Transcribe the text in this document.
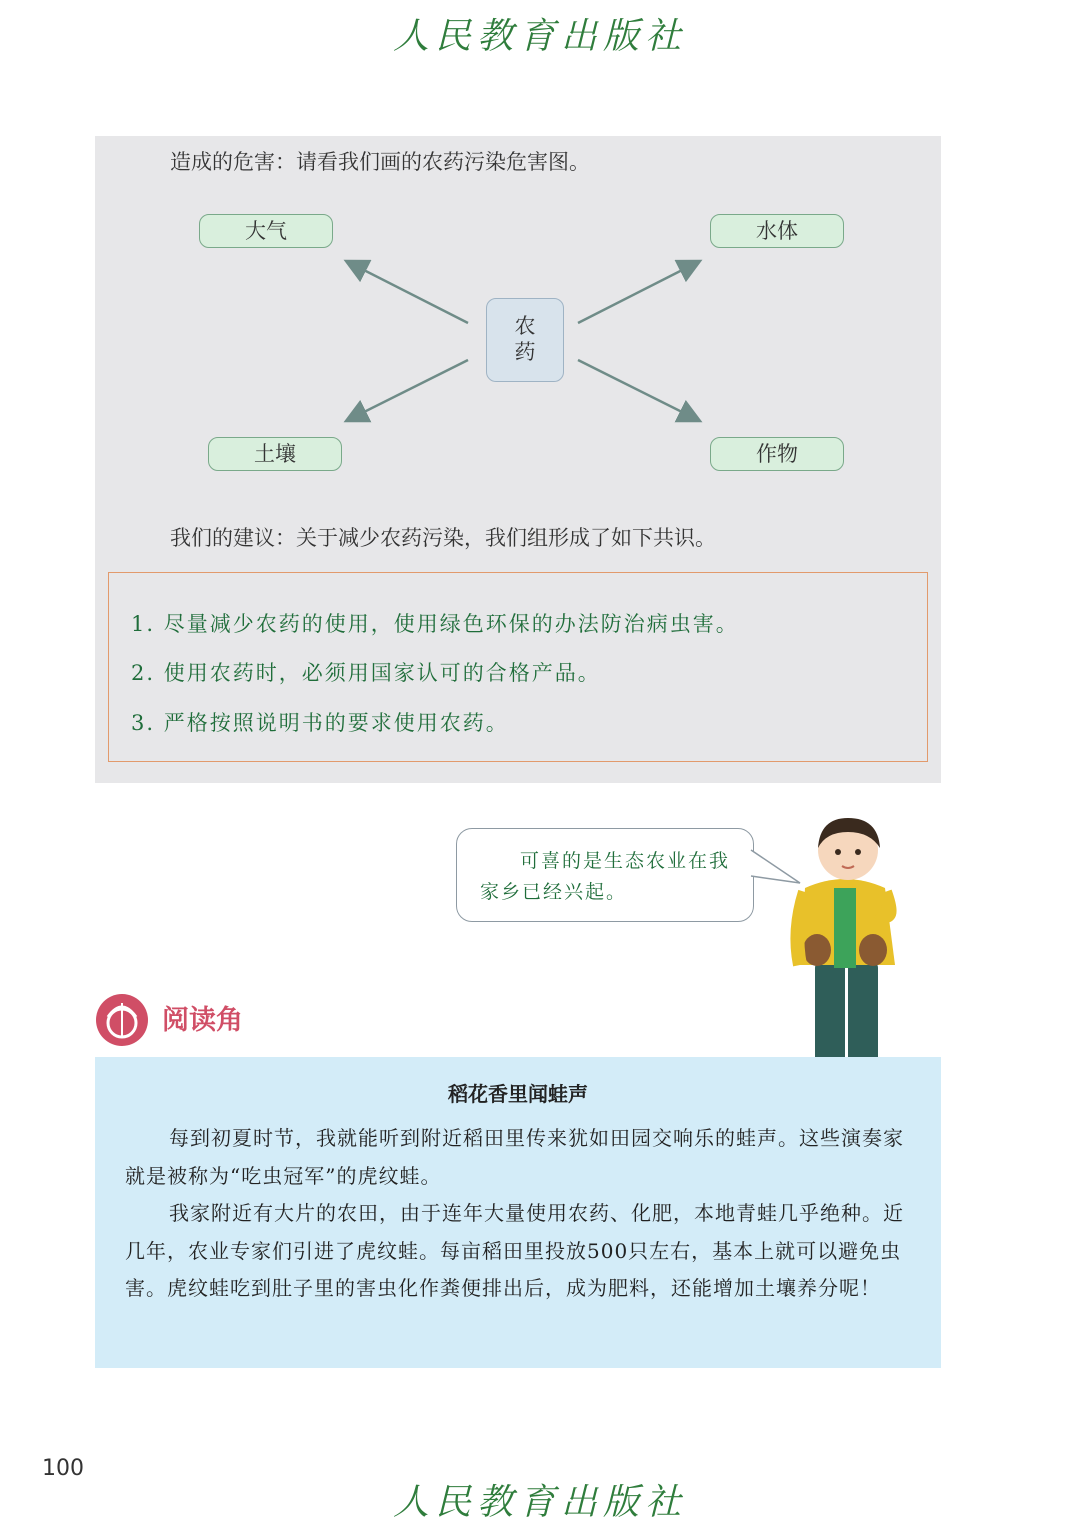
人民教育出版社
造成的危害：请看我们画的农药污染危害图。
大气	水体
土壤	作物
农
药
我们的建议：关于减少农药污染，我们组形成了如下共识。
1. 尽量减少农药的使用，使用绿色环保的办法防治病虫害。
2. 使用农药时，必须用国家认可的合格产品。
3. 严格按照说明书的要求使用农药。
可喜的是生态农业在我家乡已经兴起。
阅读角
稻花香里闻蛙声
每到初夏时节，我就能听到附近稻田里传来犹如田园交响乐的蛙声。这些演奏家就是被称为“吃虫冠军”的虎纹蛙。
我家附近有大片的农田，由于连年大量使用农药、化肥，本地青蛙几乎绝种。近几年，农业专家们引进了虎纹蛙。每亩稻田里投放500只左右，基本上就可以避免虫害。虎纹蛙吃到肚子里的害虫化作粪便排出后，成为肥料，还能增加土壤养分呢！
100
人民教育出版社
